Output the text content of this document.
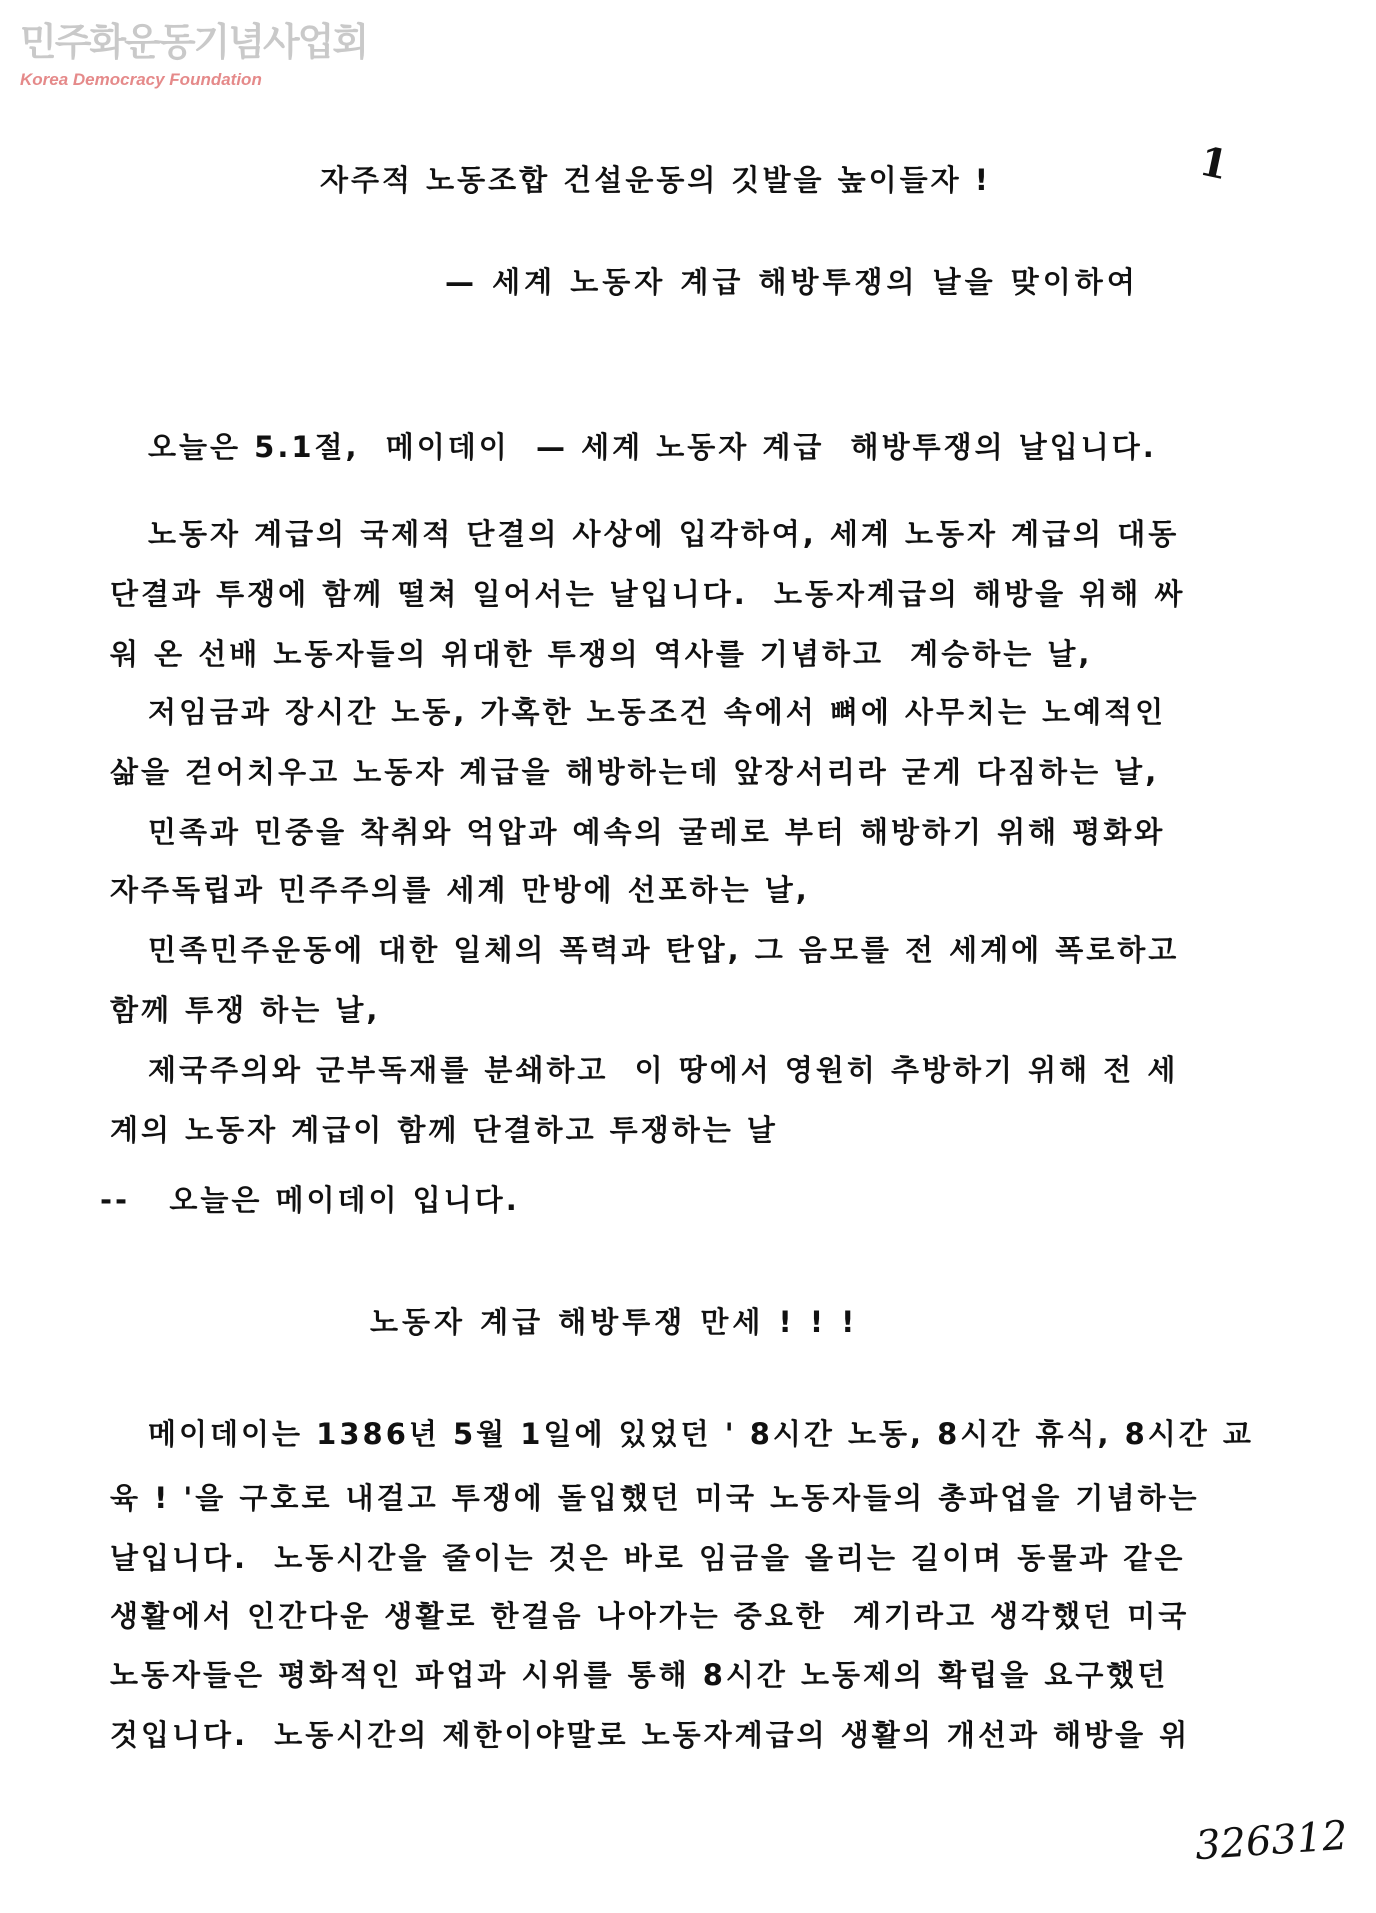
민주화운동기념사업회
Korea Democracy Foundation
1
자주적 노동조합 건설운동의 깃발을 높이들자 !
— 세계 노동자 계급 해방투쟁의 날을 맞이하여
오늘은 5.1절,  메이데이  — 세계 노동자 계급  해방투쟁의 날입니다.
노동자 계급의 국제적 단결의 사상에 입각하여, 세계 노동자 계급의 대동
단결과 투쟁에 함께 떨쳐 일어서는 날입니다.  노동자계급의 해방을 위해 싸
워 온 선배 노동자들의 위대한 투쟁의 역사를 기념하고  계승하는 날,
저임금과 장시간 노동, 가혹한 노동조건 속에서 뼈에 사무치는 노예적인
삶을 걷어치우고 노동자 계급을 해방하는데 앞장서리라 굳게 다짐하는 날,
민족과 민중을 착취와 억압과 예속의 굴레로 부터 해방하기 위해 평화와
자주독립과 민주주의를 세계 만방에 선포하는 날,
민족민주운동에 대한 일체의 폭력과 탄압, 그 음모를 전 세계에 폭로하고
함께 투쟁 하는 날,
제국주의와 군부독재를 분쇄하고  이 땅에서 영원히 추방하기 위해 전 세
계의 노동자 계급이 함께 단결하고 투쟁하는 날
--   오늘은 메이데이 입니다.
노동자 계급 해방투쟁 만세 ! ! !
메이데이는 1386년 5월 1일에 있었던 ' 8시간 노동, 8시간 휴식, 8시간 교
육 ! '을 구호로 내걸고 투쟁에 돌입했던 미국 노동자들의 총파업을 기념하는
날입니다.  노동시간을 줄이는 것은 바로 임금을 올리는 길이며 동물과 같은
생활에서 인간다운 생활로 한걸음 나아가는 중요한  계기라고 생각했던 미국
노동자들은 평화적인 파업과 시위를 통해 8시간 노동제의 확립을 요구했던
것입니다.  노동시간의 제한이야말로 노동자계급의 생활의 개선과 해방을 위
326312
